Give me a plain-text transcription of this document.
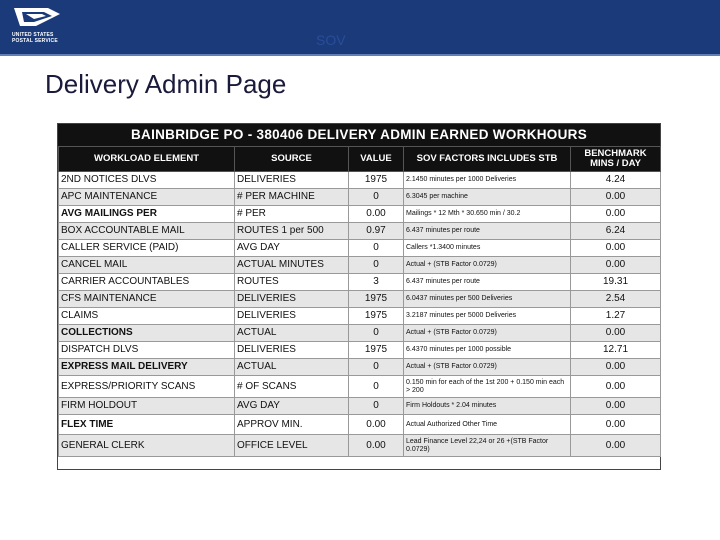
UNITED STATES
POSTAL SERVICE	SOV
Delivery Admin Page
BAINBRIDGE PO - 380406 DELIVERY ADMIN EARNED WORKHOURS
WORKLOAD ELEMENT	SOURCE	VALUE	SOV FACTORS INCLUDES STB	BENCHMARK MINS / DAY
2ND NOTICES DLVS	DELIVERIES	1975	2.1450 minutes per 1000 Deliveries	4.24
APC MAINTENANCE	# PER MACHINE	0	6.3045 per machine	0.00
AVG MAILINGS PER	# PER	0.00	Mailings * 12 Mth * 30.650 min / 30.2	0.00
BOX ACCOUNTABLE MAIL	ROUTES 1 per 500	0.97	6.437 minutes per route	6.24
CALLER SERVICE (PAID)	AVG DAY	0	Callers *1.3400 minutes	0.00
CANCEL MAIL	ACTUAL MINUTES	0	Actual + (STB Factor 0.0729)	0.00
CARRIER ACCOUNTABLES	ROUTES	3	6.437 minutes per route	19.31
CFS MAINTENANCE	DELIVERIES	1975	6.0437 minutes per 500 Deliveries	2.54
CLAIMS	DELIVERIES	1975	3.2187 minutes per 5000 Deliveries	1.27
COLLECTIONS	ACTUAL	0	Actual + (STB Factor 0.0729)	0.00
DISPATCH DLVS	DELIVERIES	1975	6.4370 minutes per 1000 possible	12.71
EXPRESS MAIL DELIVERY	ACTUAL	0	Actual + (STB Factor 0.0729)	0.00
EXPRESS/PRIORITY SCANS	# OF SCANS	0	0.150 min for each of the 1st 200 + 0.150 min each > 200	0.00
FIRM HOLDOUT	AVG DAY	0	Firm Holdouts * 2.04 minutes	0.00
FLEX TIME	APPROV MIN.	0.00	Actual Authorized Other Time	0.00
GENERAL CLERK	OFFICE LEVEL	0.00	Lead Finance Level 22,24 or 26 +(STB Factor 0.0729)	0.00
